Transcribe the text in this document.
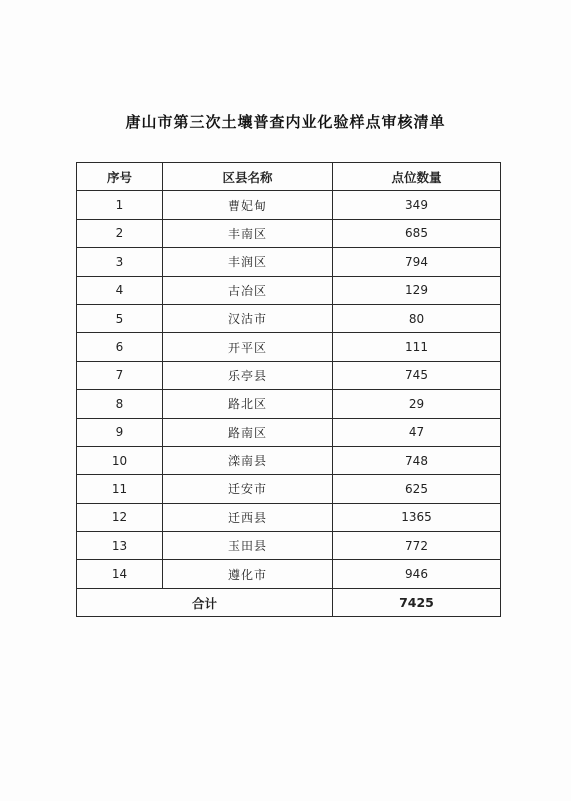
唐山市第三次土壤普查内业化验样点审核清单
序号	区县名称	点位数量
1	曹妃甸	349
2	丰南区	685
3	丰润区	794
4	古冶区	129
5	汉沽市	80
6	开平区	111
7	乐亭县	745
8	路北区	29
9	路南区	47
10	滦南县	748
11	迁安市	625
12	迁西县	1365
13	玉田县	772
14	遵化市	946
合计		7425
